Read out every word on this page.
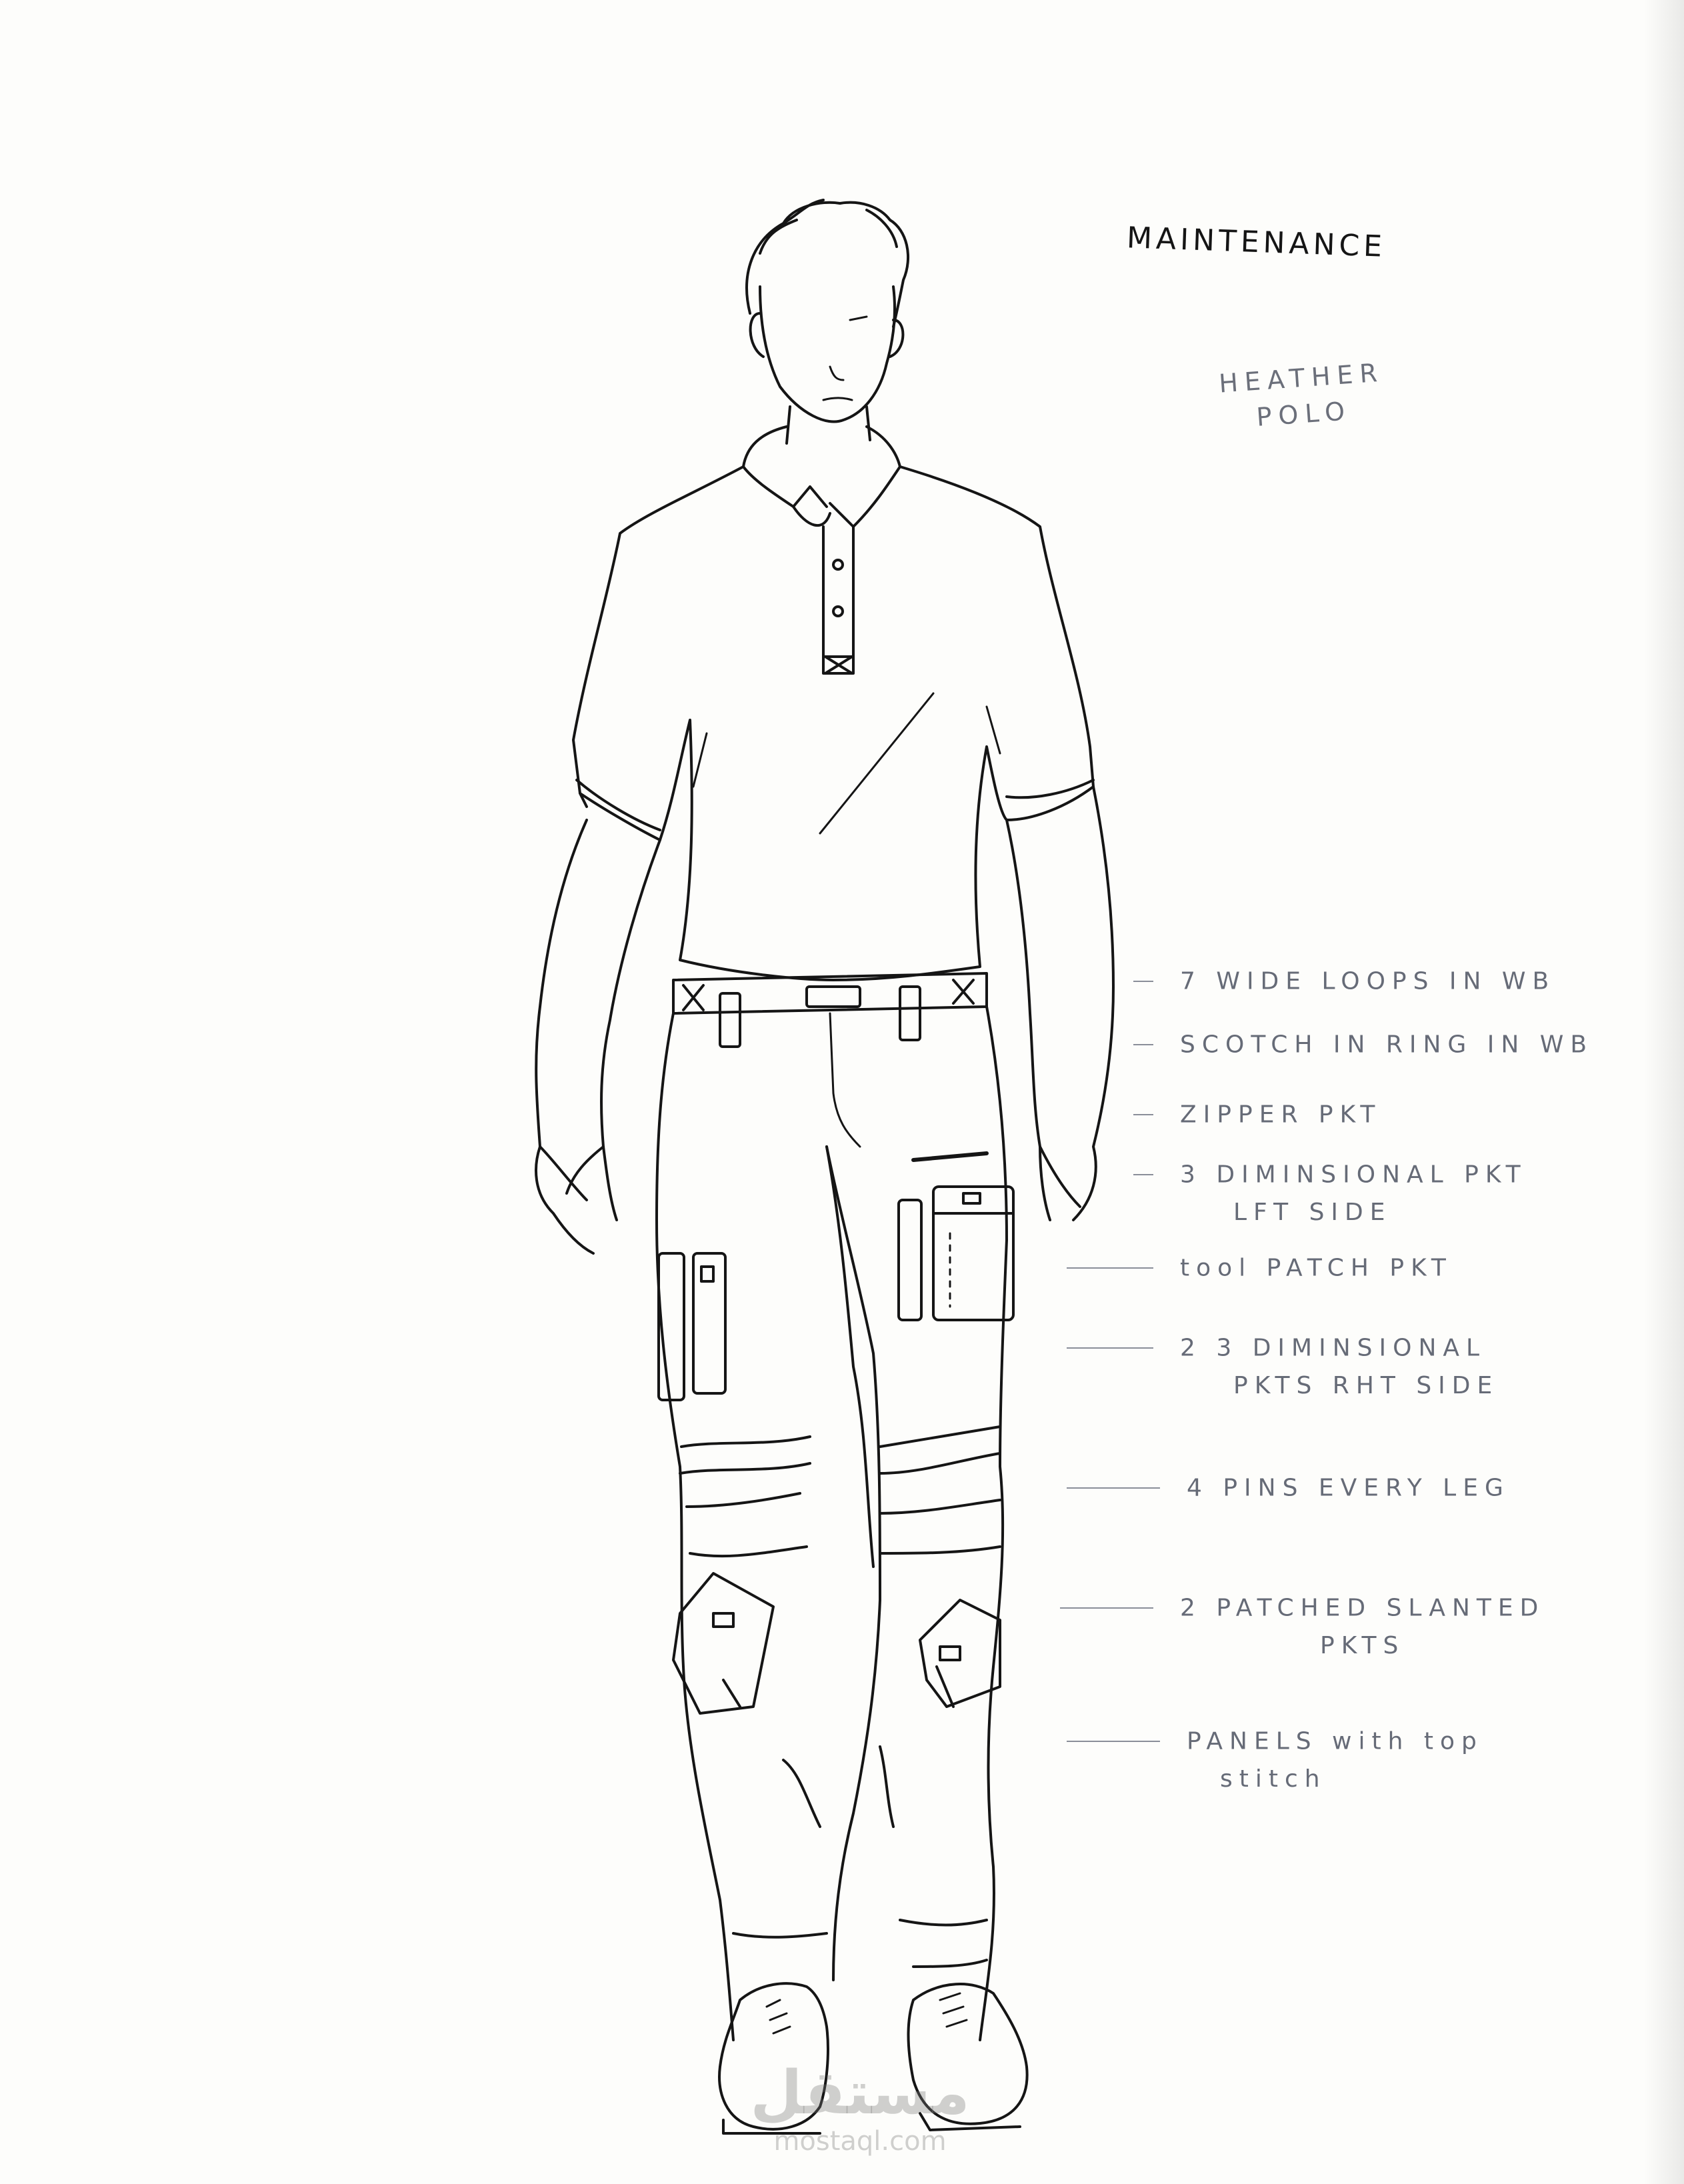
MAINTENANCE
HEATHER
POLO
7 WIDE LOOPS IN WB
SCOTCH IN RING IN WB
ZIPPER PKT
3 DIMINSIONAL PKT
LFT SIDE
tool PATCH PKT
2 3 DIMINSIONAL
PKTS RHT SIDE
4 PINS EVERY LEG
2 PATCHED SLANTED
PKTS
PANELS with top
stitch
مستقل
mostaql.com
